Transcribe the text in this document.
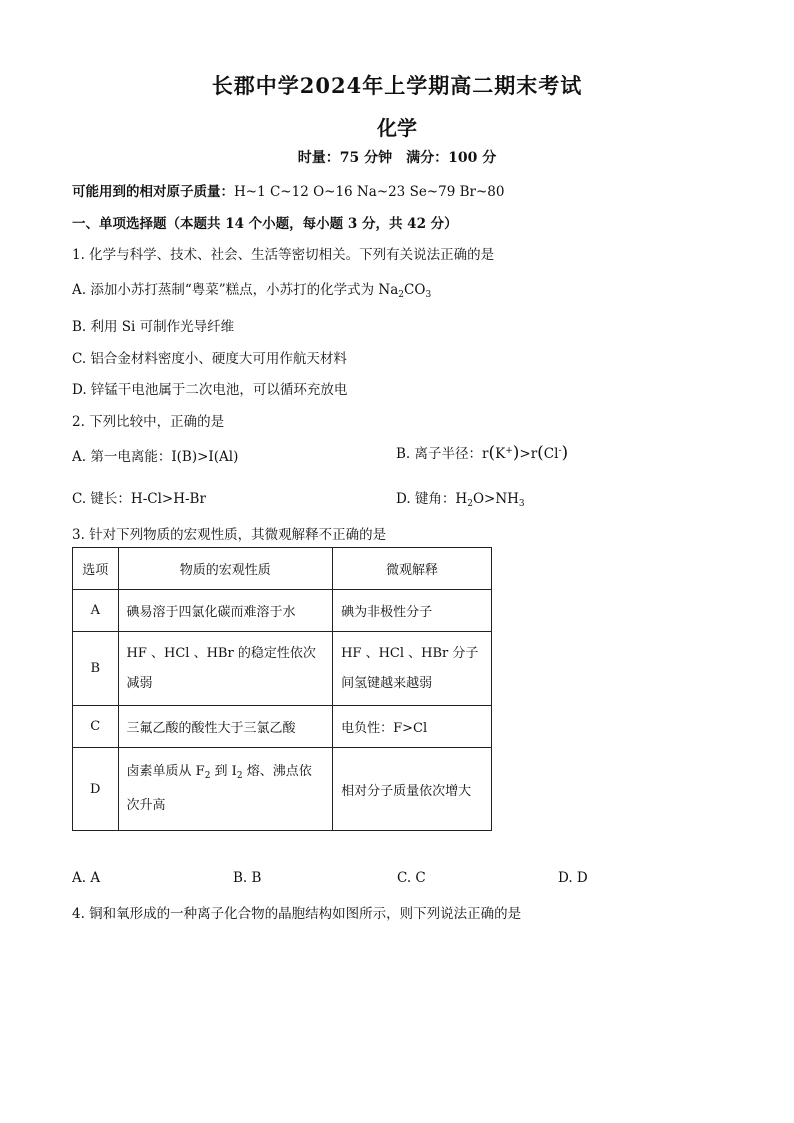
长郡中学2024年上学期高二期末考试
化学
时量：75 分钟　满分：100 分
可能用到的相对原子质量：H~1 C~12 O~16 Na~23 Se~79 Br~80
一、单项选择题（本题共 14 个小题，每小题 3 分，共 42 分）
1. 化学与科学、技术、社会、生活等密切相关。下列有关说法正确的是
A. 添加小苏打蒸制“粤菜”糕点，小苏打的化学式为 $Na_2CO_3$
B. 利用 Si 可制作光导纤维
C. 铝合金材料密度小、硬度大可用作航天材料
D. 锌锰干电池属于二次电池，可以循环充放电
2. 下列比较中，正确的是
A. 第一电离能：I(B)>I(Al)	B. 离子半径：r(K+)>r(Cl-)
C. 键长：H-Cl>H-Br	D. 键角：$H_2O>NH_3$
3. 针对下列物质的宏观性质，其微观解释不正确的是
选项	物质的宏观性质	微观解释
A	碘易溶于四氯化碳而难溶于水	碘为非极性分子
B	HF 、HCl 、HBr 的稳定性依次减弱	HF 、HCl 、HBr 分子间氢键越来越弱
C	三氟乙酸的酸性大于三氯乙酸	电负性：F>Cl
D	卤素单质从 $F_2$ 到 $I_2$ 熔、沸点依次升高	相对分子质量依次增大
A. A	B. B	C. C	D. D
4. 铜和氧形成的一种离子化合物的晶胞结构如图所示，则下列说法正确的是
